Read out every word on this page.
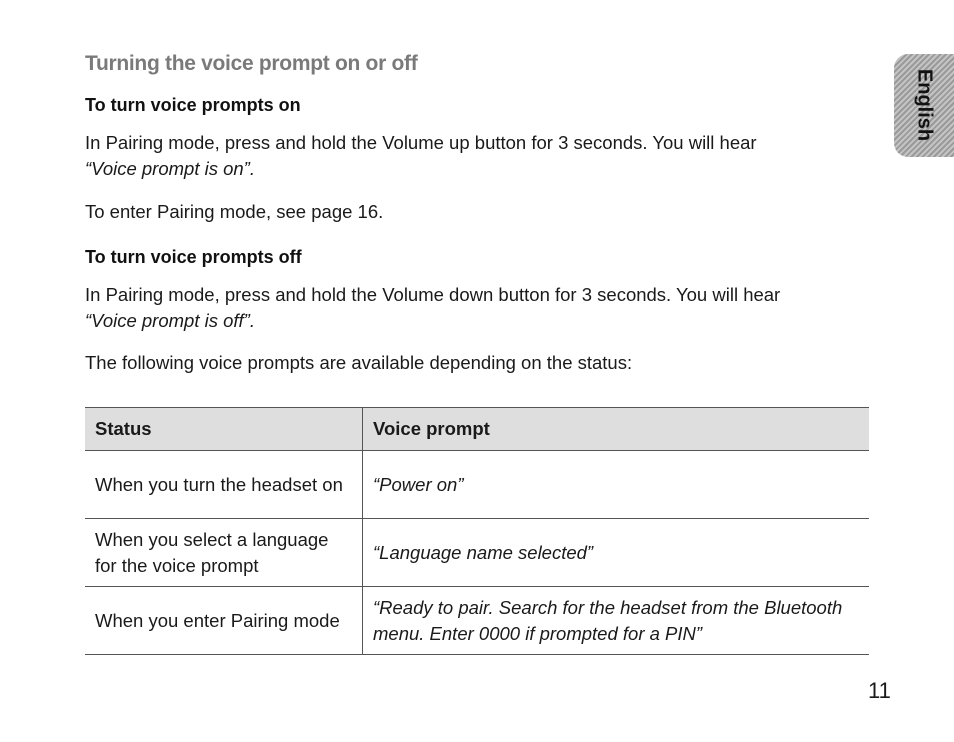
English
Turning the voice prompt on or off
To turn voice prompts on

In Pairing mode, press and hold the Volume up button for 3 seconds. You will hear
“Voice prompt is on”.

To enter Pairing mode, see page 16.

To turn voice prompts off

In Pairing mode, press and hold the Volume down button for 3 seconds. You will hear
“Voice prompt is off”.

The following voice prompts are available depending on the status:

Status	Voice prompt
When you turn the headset on	“Power on”
When you select a language for the voice prompt	“Language name selected”
When you enter Pairing mode	“Ready to pair. Search for the headset from the Bluetooth menu. Enter 0000 if prompted for a PIN”

11
